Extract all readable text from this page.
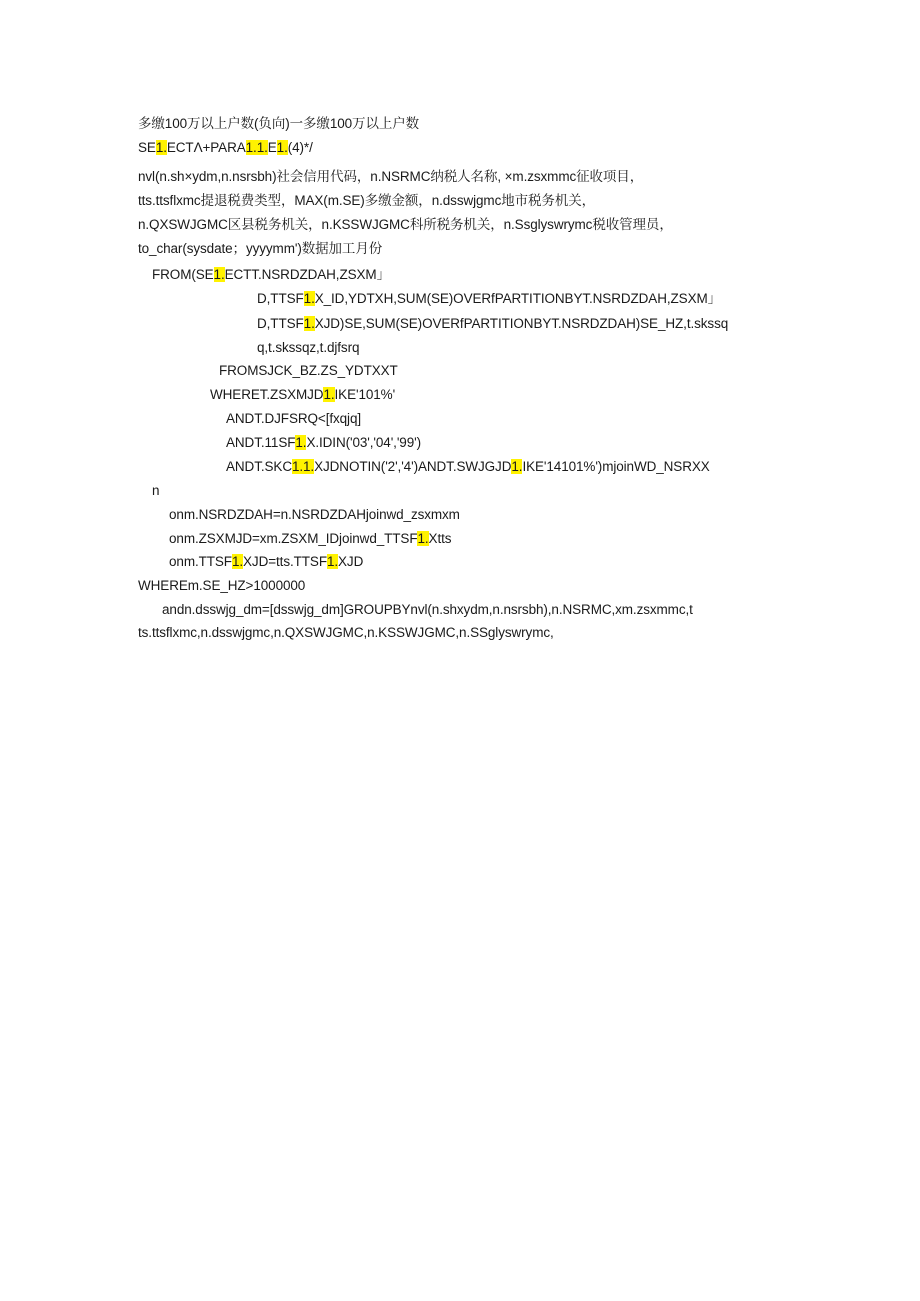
多缴100万以上户数(负向)一多缴100万以上户数
SE1.ECTΛ+PARA1.1.E1.(4)*/
nvl(n.sh×ydm,n.nsrsbh)社会信用代码，n.NSRMC纳税人名称, ×m.zsxmmc征收项目，
tts.ttsflxmc提退税费类型，MAX(m.SE)多缴金额，n.dsswjgmc地市税务机关，
n.QXSWJGMC区县税务机关，n.KSSWJGMC科所税务机关，n.Ssglyswrymc税收管理员，
to_char(sysdate；yyyymm')数据加工月份
FROM(SE1.ECTT.NSRDZDAH,ZSXM」
D,TTSF1.X_ID,YDTXH,SUM(SE)OVERfPARTITIONBYT.NSRDZDAH,ZSXM」
D,TTSF1.XJD)SE,SUM(SE)OVERfPARTITIONBYT.NSRDZDAH)SE_HZ,t.skssq
q,t.skssqz,t.djfsrq
FROMSJCK_BZ.ZS_YDTXXT
WHERET.ZSXMJD1.IKE'101%'
ANDT.DJFSRQ<[fxqjq]
ANDT.11SF1.X.IDIN('03','04','99')
ANDT.SKC1.1.XJDNOTIN('2','4')ANDT.SWJGJD1.IKE'14101%')mjoinWD_NSRXX
n
onm.NSRDZDAH=n.NSRDZDAHjoinwd_zsxmxm
onm.ZSXMJD=xm.ZSXM_IDjoinwd_TTSF1.Xtts
onm.TTSF1.XJD=tts.TTSF1.XJD
WHEREm.SE_HZ>1000000
andn.dsswjg_dm=[dsswjg_dm]GROUPBYnvl(n.shxydm,n.nsrsbh),n.NSRMC,xm.zsxmmc,t
ts.ttsflxmc,n.dsswjgmc,n.QXSWJGMC,n.KSSWJGMC,n.SSglyswrymc,
